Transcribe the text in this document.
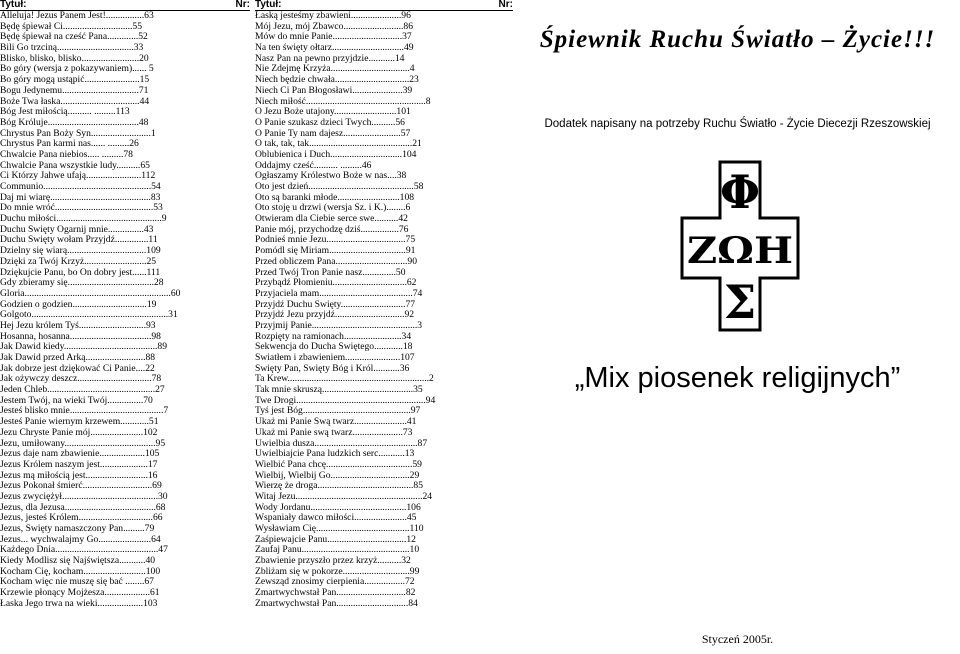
Tytuł:	Nr:
Alleluja! Jezus Panem Jest!................63
Będę śpiewał Ci.............................55
Będę śpiewał na cześć Pana.............52
Bili Go trzciną................................33
Blisko, blisko, blisko........................20
Bo góry (wersja z pokazywaniem)...... 5
Bo góry mogą ustąpić.......................15
Bogu Jedynemu................................71
Boże Twa łaska.................................44
Bóg Jest miłością.......... .........113
Bóg Króluje......................................48
Chrystus Pan Boży Syn.........................1
Chrystus Pan karmi nas...... .........26
Chwalcie Pana niebios..... .........78
Chwalcie Pana wszystkie ludy..........65
Ci Którzy Jahwe ufają.......................112
Communio.............................................54
Daj mi wiarę..........................................83
Do mnie wróć.........................................53
Duchu miłości............................................9
Duchu Święty Ogarnij mnie...............43
Duchu Święty wołam Przyjdź..............11
Dzielny się wiarą.................................109
Dzięki za Twój Krzyż..........................25
Dziękujcie Panu, bo On dobry jest......111
Gdy zbieramy się....................................28
Gloria.............................................................60
Godzien o godzien...............................19
Golgoto.........................................................31
Hej Jezu królem Tyś............................93
Hosanna, hosanna..................................98
Jak Dawid kiedy.......................................89
Jak Dawid przed Arką.........................88
Jak dobrze jest dziękować Ci Panie....22
Jak ożywczy deszcz...............................78
Jeden Chleb.............................................27
Jestem Twój, na wieki Twój...............70
Jesteś blisko mnie.......................................7
Jesteś Panie wiernym krzewem............51
Jezu Chryste Panie mój......................102
Jezu, umiłowany......................................95
Jezus daje nam zbawienie...................105
Jezus Królem naszym jest....................17
Jezus mą miłością jest..........................16
Jezus Pokonał śmierć.............................69
Jezus zwyciężył........................................30
Jezus, dla Jezusa......................................68
Jezus, jesteś Królem...............................66
Jezus, Święty namaszczony Pan.........79
Jezus... wychwalajmy Go......................64
Każdego Dnia...........................................47
Kiedy Modlisz się Najświętsza...........40
Kocham Cię, kocham..........................100
Kocham więc nie muszę się bać ........67
Krzewie płonący Mojżesza...................61
Łaska Jego trwa na wieki...................103
Tytuł:	Nr:
Łaską jesteśmy zbawieni.....................96
Mój Jezu, mój Zbawco.........................86
Mów do mnie Panie.............................37
Na ten święty ołtarz..............................49
Nasz Pan na pewno przyjdzie...........14
Nie Zdejmę Krzyża.................................4
Niech będzie chwała...............................23
Niech Ci Pan Błogosławi.....................39
Niech miłość..................................................8
O Jezu Boże utajony..........................101
O Panie szukasz dzieci Twych..........56
O Panie Ty nam dajesz........................57
O tak, tak, tak...........................................21
Oblubienica i Duch..............................104
Oddajmy cześć.......... .........46
Ogłaszamy Królestwo Boże w nas....38
Oto jest dzień............................................58
Oto są baranki młode..........................108
Oto stoję u drzwi (wersja Sz. i K.)........6
Otwieram dla Ciebie serce swe..........42
Panie mój, przychodzę dziś................76
Podnieś mnie Jezu.................................75
Pomódl się Miriam................................91
Przed obliczem Pana..............................90
Przed Twój Tron Panie nasz..............50
Przybądź Płomieniu...............................62
Przyjaciela mam.......................................74
Przyjdź Duchu Święty...........................77
Przyjdź Jezu przyjdź.............................92
Przyjmij Panie............................................3
Rozpięty na ramionach........................34
Sekwencja do Ducha Świętego............18
Światłem i zbawieniem.......................107
Święty Pan, Święty Bóg i Król...........36
Ta Krew...........................................................2
Tak mnie skruszą......................................35
Twe Drogi......................................................94
Tyś jest Bóg.............................................97
Ukaż mi Panie Swą twarz......................41
Ukaż mi Panie swą twarz.....................73
Uwielbia dusza...........................................87
Uwielbiajcie Pana ludzkich serc...........13
Wielbić Pana chcę....................................59
Wielbij, Wielbij Go.................................29
Wierzę że droga........................................85
Witaj Jezu.....................................................24
Wody Jordanu........................................106
Wspaniały dawco miłości......................45
Wysławiam Cię.......................................110
Zaśpiewajcie Panu.................................12
Zaufaj Panu.............................................10
Zbawienie przyszło przez krzyż..........32
Zbliżam się w pokorze............................99
Zewsząd znosimy cierpienia.................72
Zmartwychwstał Pan.............................82
Zmartwychwstał Pan..............................84
Śpiewnik Ruchu Światło – Życie!!!
Dodatek napisany na potrzeby Ruchu Światło - Życie Diecezji Rzeszowskiej
Φ
ΖΩΗ
Σ
„Mix piosenek religijnych”
Styczeń 2005r.
